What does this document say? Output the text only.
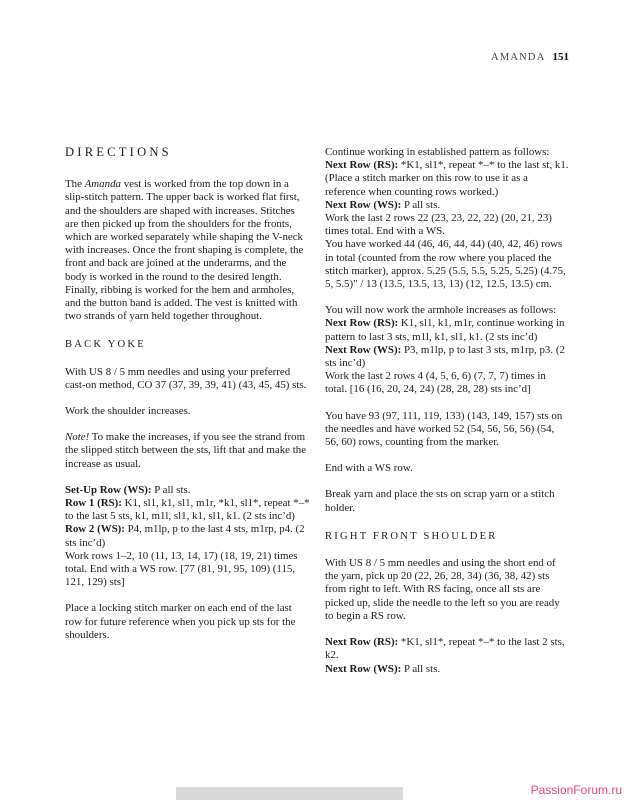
AMANDA 151
DIRECTIONS

The Amanda vest is worked from the top down in a slip-stitch pattern. The upper back is worked flat first, and the shoulders are shaped with increases. Stitches are then picked up from the shoulders for the fronts, which are worked separately while shaping the V-neck with increases. Once the front shaping is complete, the front and back are joined at the underarms, and the body is worked in the round to the desired length. Finally, ribbing is worked for the hem and armholes, and the button band is added. The vest is knitted with two strands of yarn held together throughout.

BACK YOKE

With US 8 / 5 mm needles and using your preferred cast-on method, CO 37 (37, 39, 39, 41) (43, 45, 45) sts.

Work the shoulder increases.

Note! To make the increases, if you see the strand from the slipped stitch between the sts, lift that and make the increase as usual.

Set-Up Row (WS): P all sts.

Row 1 (RS): K1, sl1, k1, sl1, m1r, *k1, sl1*, repeat *–* to the last 5 sts, k1, m1l, sl1, k1, sl1, k1. (2 sts inc’d)

Row 2 (WS): P4, m1lp, p to the last 4 sts, m1rp, p4. (2 sts inc’d)

Work rows 1–2, 10 (11, 13, 14, 17) (18, 19, 21) times total. End with a WS row. [77 (81, 91, 95, 109) (115, 121, 129) sts]

Place a locking stitch marker on each end of the last row for future reference when you pick up sts for the shoulders.

Continue working in established pattern as follows:

Next Row (RS): *K1, sl1*, repeat *–* to the last st, k1. (Place a stitch marker on this row to use it as a reference when counting rows worked.)

Next Row (WS): P all sts.

Work the last 2 rows 22 (23, 23, 22, 22) (20, 21, 23) times total. End with a WS.

You have worked 44 (46, 46, 44, 44) (40, 42, 46) rows in total (counted from the row where you placed the stitch marker), approx. 5.25 (5.5, 5.5, 5.25, 5.25) (4.75, 5, 5.5)" / 13 (13.5, 13.5, 13, 13) (12, 12.5, 13.5) cm.

You will now work the armhole increases as follows:

Next Row (RS): K1, sl1, k1, m1r, continue working in pattern to last 3 sts, m1l, k1, sl1, k1. (2 sts inc’d)

Next Row (WS): P3, m1lp, p to last 3 sts, m1rp, p3. (2 sts inc’d)

Work the last 2 rows 4 (4, 5, 6, 6) (7, 7, 7) times in total. [16 (16, 20, 24, 24) (28, 28, 28) sts inc’d]

You have 93 (97, 111, 119, 133) (143, 149, 157) sts on the needles and have worked 52 (54, 56, 56, 56) (54, 56, 60) rows, counting from the marker.

End with a WS row.

Break yarn and place the sts on scrap yarn or a stitch holder.

RIGHT FRONT SHOULDER

With US 8 / 5 mm needles and using the short end of the yarn, pick up 20 (22, 26, 28, 34) (36, 38, 42) sts from right to left. With RS facing, once all sts are picked up, slide the needle to the left so you are ready to begin a RS row.

Next Row (RS): *K1, sl1*, repeat *–* to the last 2 sts, k2.

Next Row (WS): P all sts.

PassionForum.ru
